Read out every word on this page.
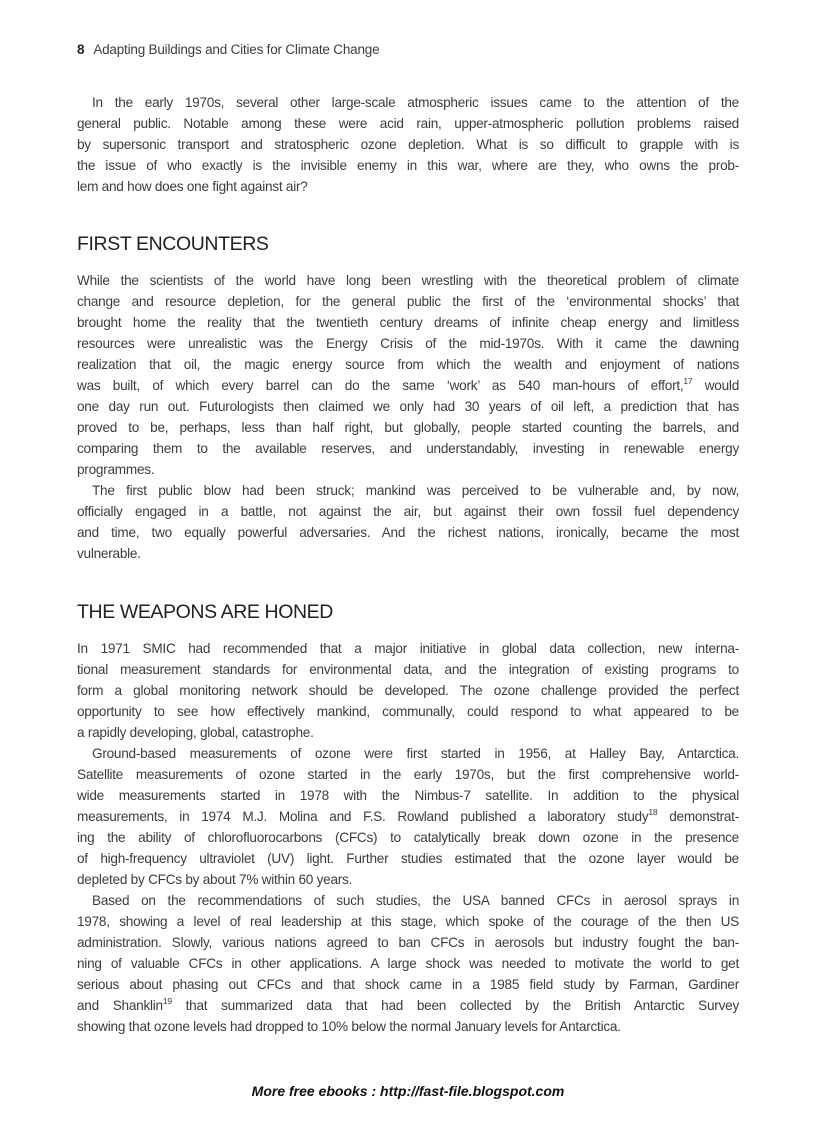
8 Adapting Buildings and Cities for Climate Change
In the early 1970s, several other large-scale atmospheric issues came to the attention of the
general public. Notable among these were acid rain, upper-atmospheric pollution problems raised
by supersonic transport and stratospheric ozone depletion. What is so difficult to grapple with is
the issue of who exactly is the invisible enemy in this war, where are they, who owns the prob-
lem and how does one fight against air?
FIRST ENCOUNTERS
While the scientists of the world have long been wrestling with the theoretical problem of climate
change and resource depletion, for the general public the first of the ‘environmental shocks’ that
brought home the reality that the twentieth century dreams of infinite cheap energy and limitless
resources were unrealistic was the Energy Crisis of the mid-1970s. With it came the dawning
realization that oil, the magic energy source from which the wealth and enjoyment of nations
was built, of which every barrel can do the same ‘work’ as 540 man-hours of effort,$^{17}$ would
one day run out. Futurologists then claimed we only had 30 years of oil left, a prediction that has
proved to be, perhaps, less than half right, but globally, people started counting the barrels, and
comparing them to the available reserves, and understandably, investing in renewable energy
programmes.
The first public blow had been struck; mankind was perceived to be vulnerable and, by now,
officially engaged in a battle, not against the air, but against their own fossil fuel dependency
and time, two equally powerful adversaries. And the richest nations, ironically, became the most
vulnerable.
THE WEAPONS ARE HONED
In 1971 SMIC had recommended that a major initiative in global data collection, new interna-
tional measurement standards for environmental data, and the integration of existing programs to
form a global monitoring network should be developed. The ozone challenge provided the perfect
opportunity to see how effectively mankind, communally, could respond to what appeared to be
a rapidly developing, global, catastrophe.
Ground-based measurements of ozone were first started in 1956, at Halley Bay, Antarctica.
Satellite measurements of ozone started in the early 1970s, but the first comprehensive world-
wide measurements started in 1978 with the Nimbus-7 satellite. In addition to the physical
measurements, in 1974 M.J. Molina and F.S. Rowland published a laboratory study$^{18}$ demonstrat-
ing the ability of chlorofluorocarbons (CFCs) to catalytically break down ozone in the presence
of high-frequency ultraviolet (UV) light. Further studies estimated that the ozone layer would be
depleted by CFCs by about 7% within 60 years.
Based on the recommendations of such studies, the USA banned CFCs in aerosol sprays in
1978, showing a level of real leadership at this stage, which spoke of the courage of the then US
administration. Slowly, various nations agreed to ban CFCs in aerosols but industry fought the ban-
ning of valuable CFCs in other applications. A large shock was needed to motivate the world to get
serious about phasing out CFCs and that shock came in a 1985 field study by Farman, Gardiner
and Shanklin$^{19}$ that summarized data that had been collected by the British Antarctic Survey
showing that ozone levels had dropped to 10% below the normal January levels for Antarctica.
More free ebooks : http://fast-file.blogspot.com
